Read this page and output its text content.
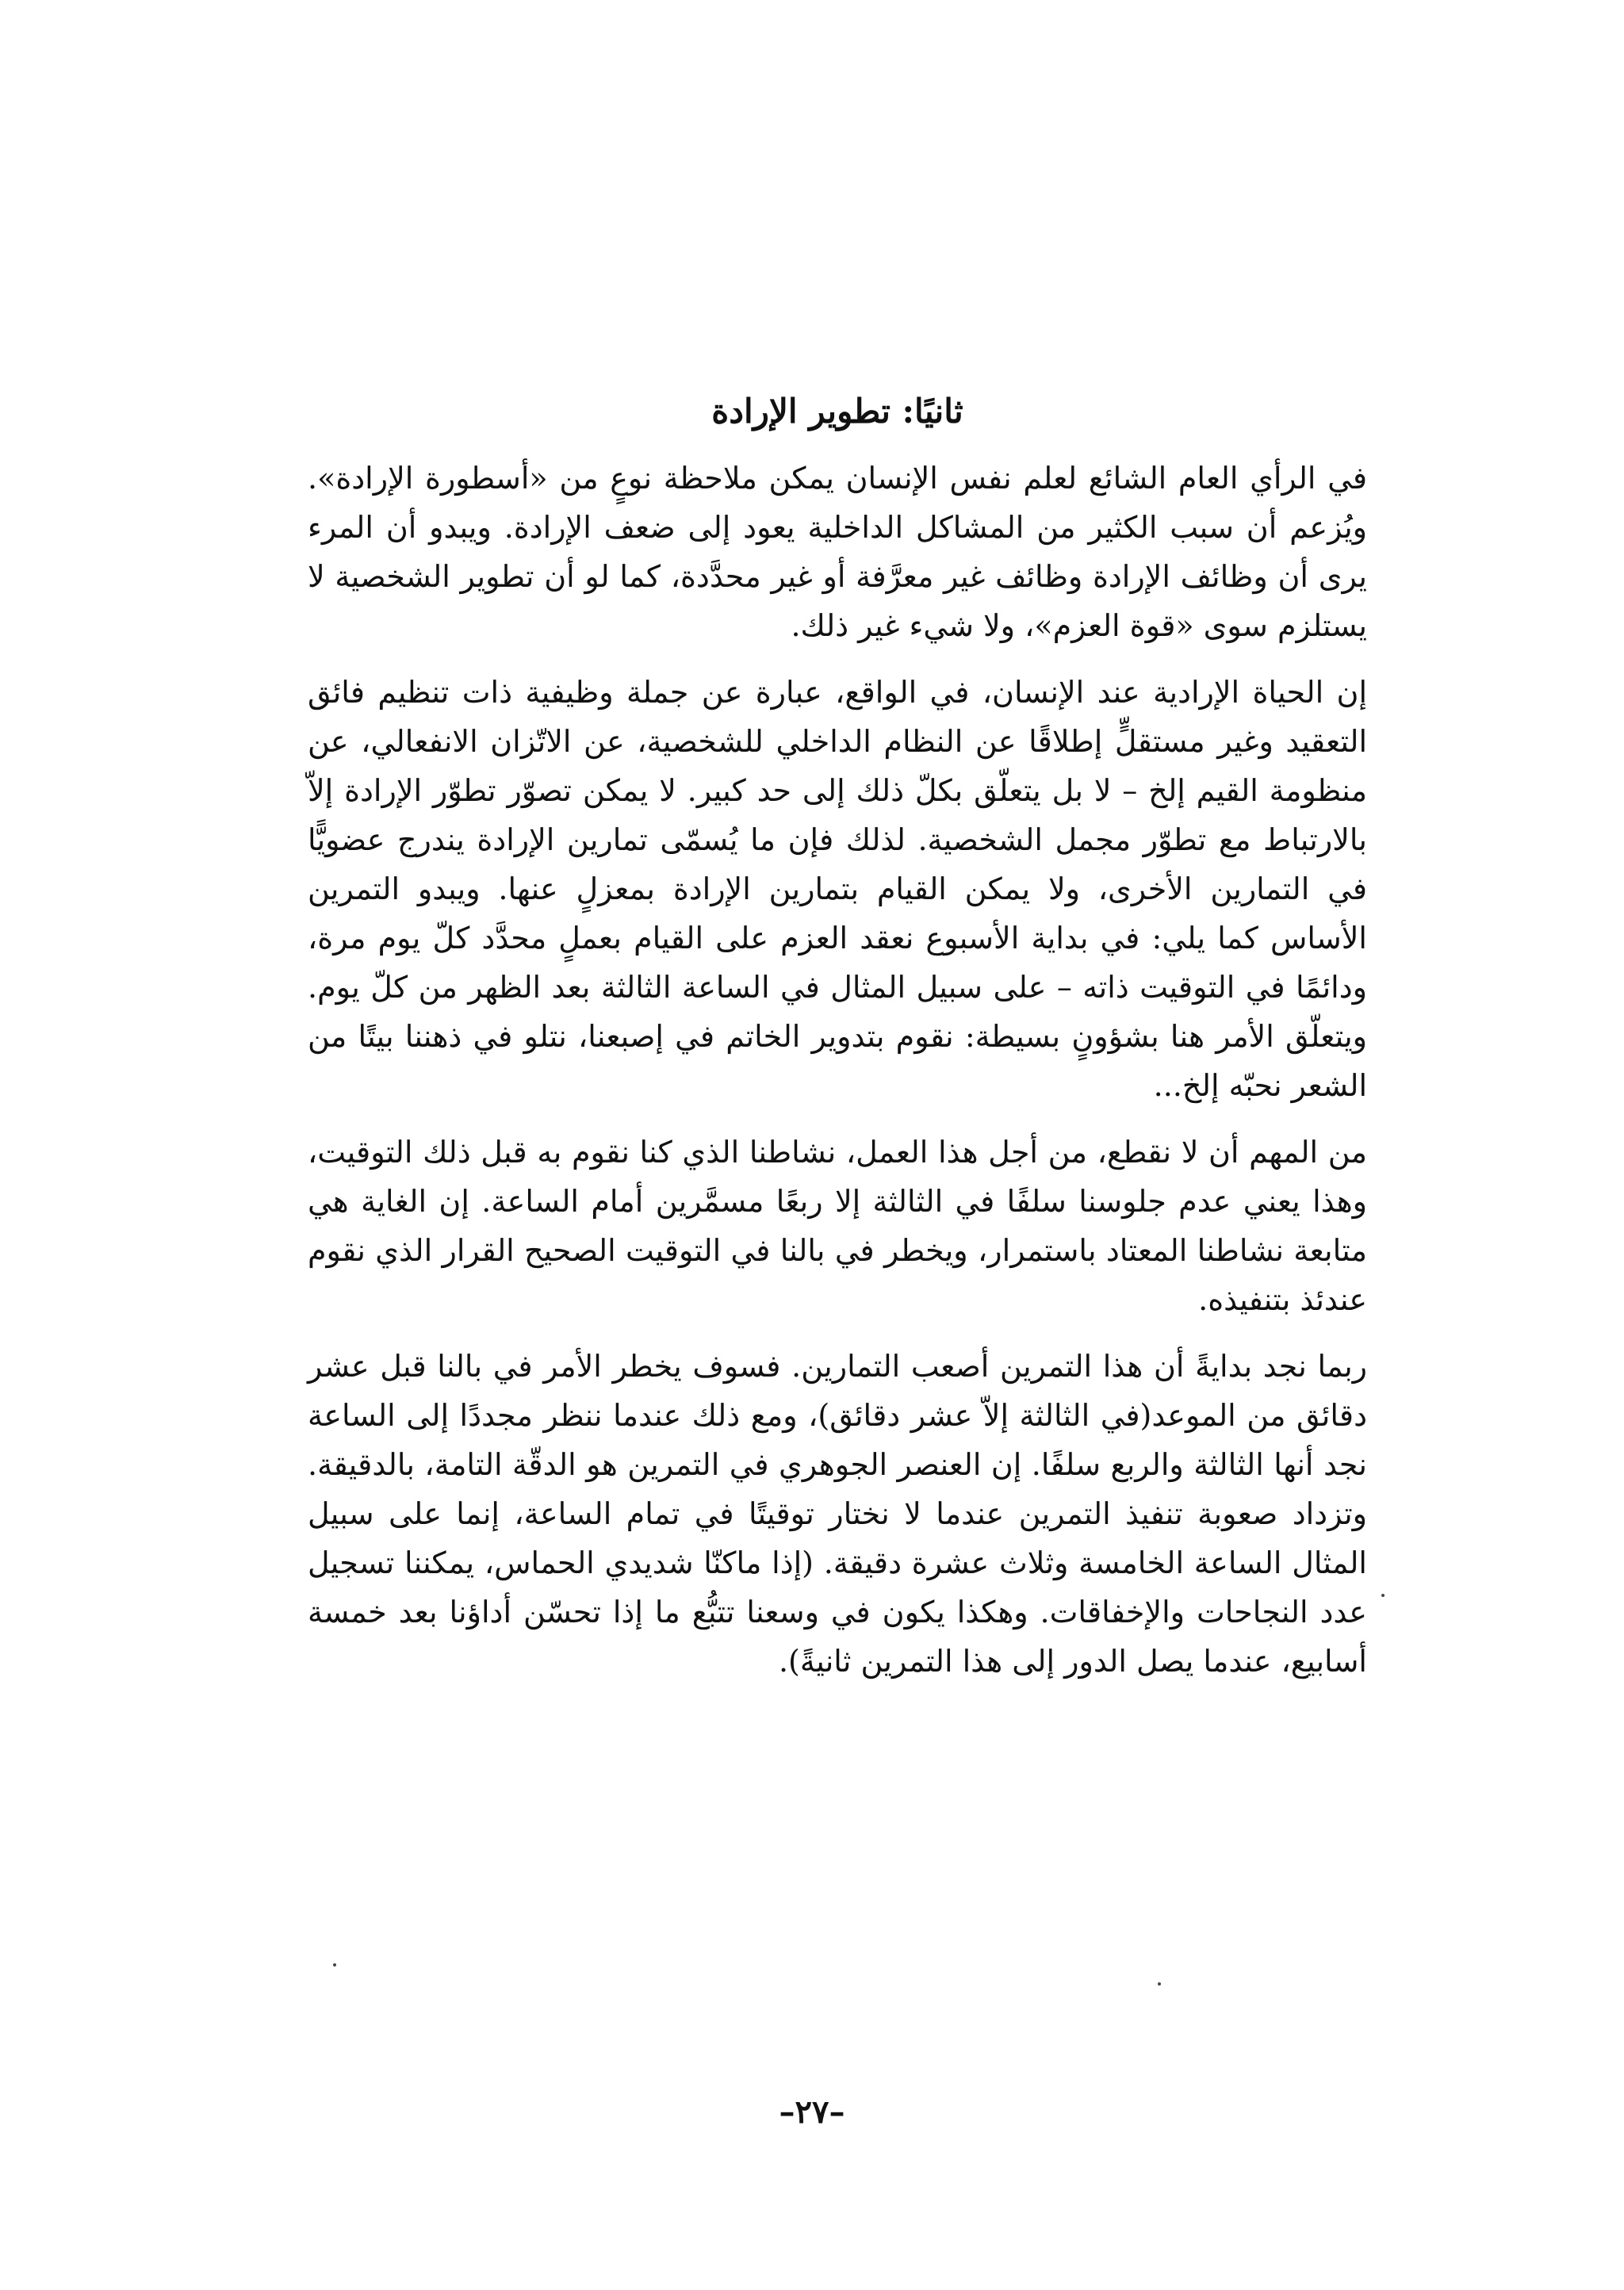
ثانيًا: تطوير الإرادة

في الرأي العام الشائع لعلم نفس الإنسان يمكن ملاحظة نوعٍ من «أسطورة الإرادة». ويُزعم أن سبب الكثير من المشاكل الداخلية يعود إلى ضعف الإرادة. ويبدو أن المرء يرى أن وظائف الإرادة وظائف غير معرَّفة أو غير محدَّدة، كما لو أن تطوير الشخصية لا يستلزم سوى «قوة العزم»، ولا شيء غير ذلك.

إن الحياة الإرادية عند الإنسان، في الواقع، عبارة عن جملة وظيفية ذات تنظيم فائق التعقيد وغير مستقلٍّ إطلاقًا عن النظام الداخلي للشخصية، عن الاتّزان الانفعالي، عن منظومة القيم إلخ – لا بل يتعلّق بكلّ ذلك إلى حد كبير. لا يمكن تصوّر تطوّر الإرادة إلاّ بالارتباط مع تطوّر مجمل الشخصية. لذلك فإن ما يُسمّى تمارين الإرادة يندرج عضويًّا في التمارين الأخرى، ولا يمكن القيام بتمارين الإرادة بمعزلٍ عنها. ويبدو التمرين الأساس كما يلي: في بداية الأسبوع نعقد العزم على القيام بعملٍ محدَّد كلّ يوم مرة، ودائمًا في التوقيت ذاته – على سبيل المثال في الساعة الثالثة بعد الظهر من كلّ يوم. ويتعلّق الأمر هنا بشؤونٍ بسيطة: نقوم بتدوير الخاتم في إصبعنا، نتلو في ذهننا بيتًا من الشعر نحبّه إلخ...

من المهم أن لا نقطع، من أجل هذا العمل، نشاطنا الذي كنا نقوم به قبل ذلك التوقيت، وهذا يعني عدم جلوسنا سلفًا في الثالثة إلا ربعًا مسمَّرين أمام الساعة. إن الغاية هي متابعة نشاطنا المعتاد باستمرار، ويخطر في بالنا في التوقيت الصحيح القرار الذي نقوم عندئذ بتنفيذه.

ربما نجد بدايةً أن هذا التمرين أصعب التمارين. فسوف يخطر الأمر في بالنا قبل عشر دقائق من الموعد(في الثالثة إلاّ عشر دقائق)، ومع ذلك عندما ننظر مجددًا إلى الساعة نجد أنها الثالثة والربع سلفًا. إن العنصر الجوهري في التمرين هو الدقّة التامة، بالدقيقة. وتزداد صعوبة تنفيذ التمرين عندما لا نختار توقيتًا في تمام الساعة، إنما على سبيل المثال الساعة الخامسة وثلاث عشرة دقيقة. (إذا ماكنّا شديدي الحماس، يمكننا تسجيل عدد النجاحات والإخفاقات. وهكذا يكون في وسعنا تتبُّع ما إذا تحسّن أداؤنا بعد خمسة أسابيع، عندما يصل الدور إلى هذا التمرين ثانيةً).

–٢٧–
